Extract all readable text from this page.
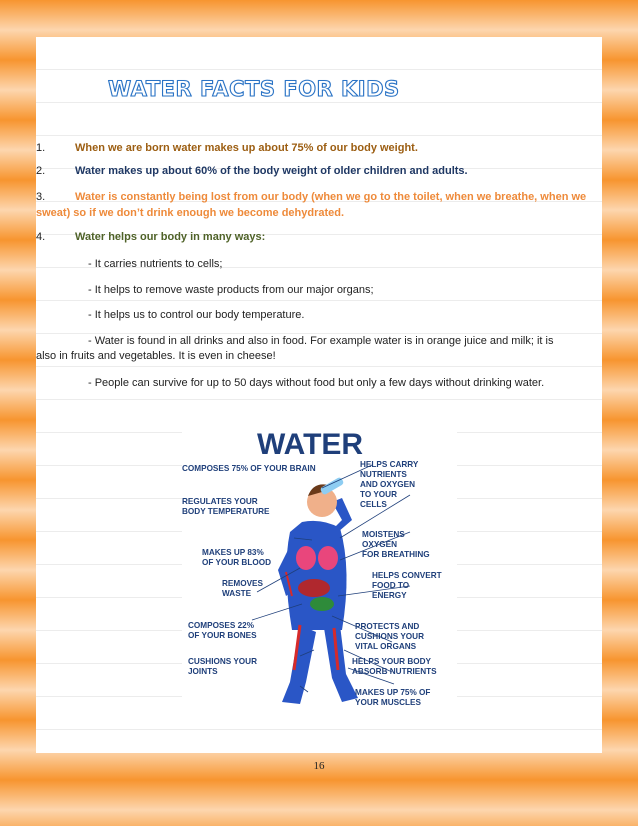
WATER FACTS FOR KIDS
1.	When we are born water makes up about 75% of our body weight.
2.	Water makes up about 60% of the body weight of older children and adults.
3.	Water is constantly being lost from our body (when we go to the toilet, when we breathe, when we
sweat) so if we don’t drink enough we become dehydrated.
4.	Water helps our body in many ways:
- It carries nutrients to cells;
- It helps to remove waste products from our major organs;
- It helps us to control our body temperature.
- Water is found in all drinks and also in food. For example water is in orange juice and milk; it is
also in fruits and vegetables. It is even in cheese!
- People can survive for up to 50 days without food but only a few days without drinking water.
WATER
COMPOSES 75% OF YOUR BRAIN
REGULATES YOUR BODY TEMPERATURE
MAKES UP 83% OF YOUR BLOOD
REMOVES WASTE
COMPOSES 22% OF YOUR BONES
CUSHIONS YOUR JOINTS
HELPS CARRY NUTRIENTS AND OXYGEN TO YOUR CELLS
MOISTENS OXYGEN FOR BREATHING
HELPS CONVERT FOOD TO ENERGY
PROTECTS AND CUSHIONS YOUR VITAL ORGANS
HELPS YOUR BODY ABSORB NUTRIENTS
MAKES UP 75% OF YOUR MUSCLES
16
